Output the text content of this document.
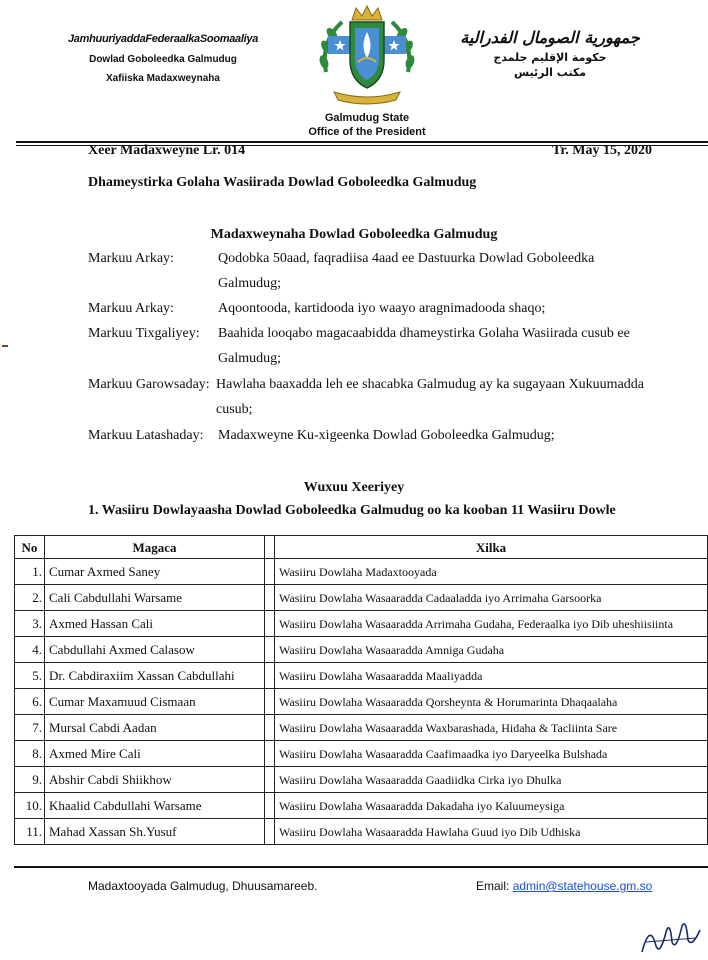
JamhuuriyaddaFederaalkaSoomaaliya
Dowlad Goboleedka Galmudug
Xafiiska Madaxweynaha
جمهورية الصومال الفدرالية
حكومة الإقليم جلمدج
مكتب الرئيس
Galmudug State
Office of the President
Xeer Madaxweyne Lr. 014	Tr. May 15, 2020
Dhameystirka Golaha Wasiirada Dowlad Goboleedka Galmudug
Madaxweynaha Dowlad Goboleedka Galmudug
Markuu Arkay:	Qodobka 50aad, faqradiisa 4aad ee Dastuurka Dowlad Goboleedka
Galmudug;
Markuu Arkay:	Aqoontooda, kartidooda iyo waayo aragnimadooda shaqo;
Markuu Tixgaliyey:	Baahida looqabo magacaabidda dhameystirka Golaha Wasiirada cusub ee
Galmudug;
Markuu Garowsaday: Hawlaha baaxadda leh ee shacabka Galmudug ay ka sugayaan Xukuumadda
cusub;
Markuu Latashaday:	Madaxweyne Ku-xigeenka Dowlad Goboleedka Galmudug;
Wuxuu Xeeriyey
1. Wasiiru Dowlayaasha Dowlad Goboleedka Galmudug oo ka kooban 11 Wasiiru Dowle
No	Magaca		Xilka
1.	Cumar Axmed Saney		Wasiiru Dowlaha Madaxtooyada
2.	Cali Cabdullahi Warsame		Wasiiru Dowlaha Wasaaradda Cadaaladda iyo Arrimaha Garsoorka
3.	Axmed Hassan Cali		Wasiiru Dowlaha Wasaaradda Arrimaha Gudaha, Federaalka iyo Dib uheshiisiinta
4.	Cabdullahi Axmed Calasow		Wasiiru Dowlaha Wasaaradda Amniga Gudaha
5.	Dr. Cabdiraxiim Xassan Cabdullahi		Wasiiru Dowlaha Wasaaradda Maaliyadda
6.	Cumar Maxamuud Cismaan		Wasiiru Dowlaha Wasaaradda Qorsheynta & Horumarinta Dhaqaalaha
7.	Mursal Cabdi Aadan		Wasiiru Dowlaha Wasaaradda Waxbarashada, Hidaha & Tacliinta Sare
8.	Axmed Mire Cali		Wasiiru Dowlaha Wasaaradda Caafimaadka iyo Daryeelka Bulshada
9.	Abshir Cabdi Shiikhow		Wasiiru Dowlaha Wasaaradda Gaadiidka Cirka iyo Dhulka
10.	Khaalid Cabdullahi Warsame		Wasiiru Dowlaha Wasaaradda Dakadaha iyo Kaluumeysiga
11.	Mahad Xassan Sh.Yusuf		Wasiiru Dowlaha Wasaaradda Hawlaha Guud iyo Dib Udhiska
Madaxtooyada Galmudug, Dhuusamareeb.	Email: admin@statehouse.gm.so
